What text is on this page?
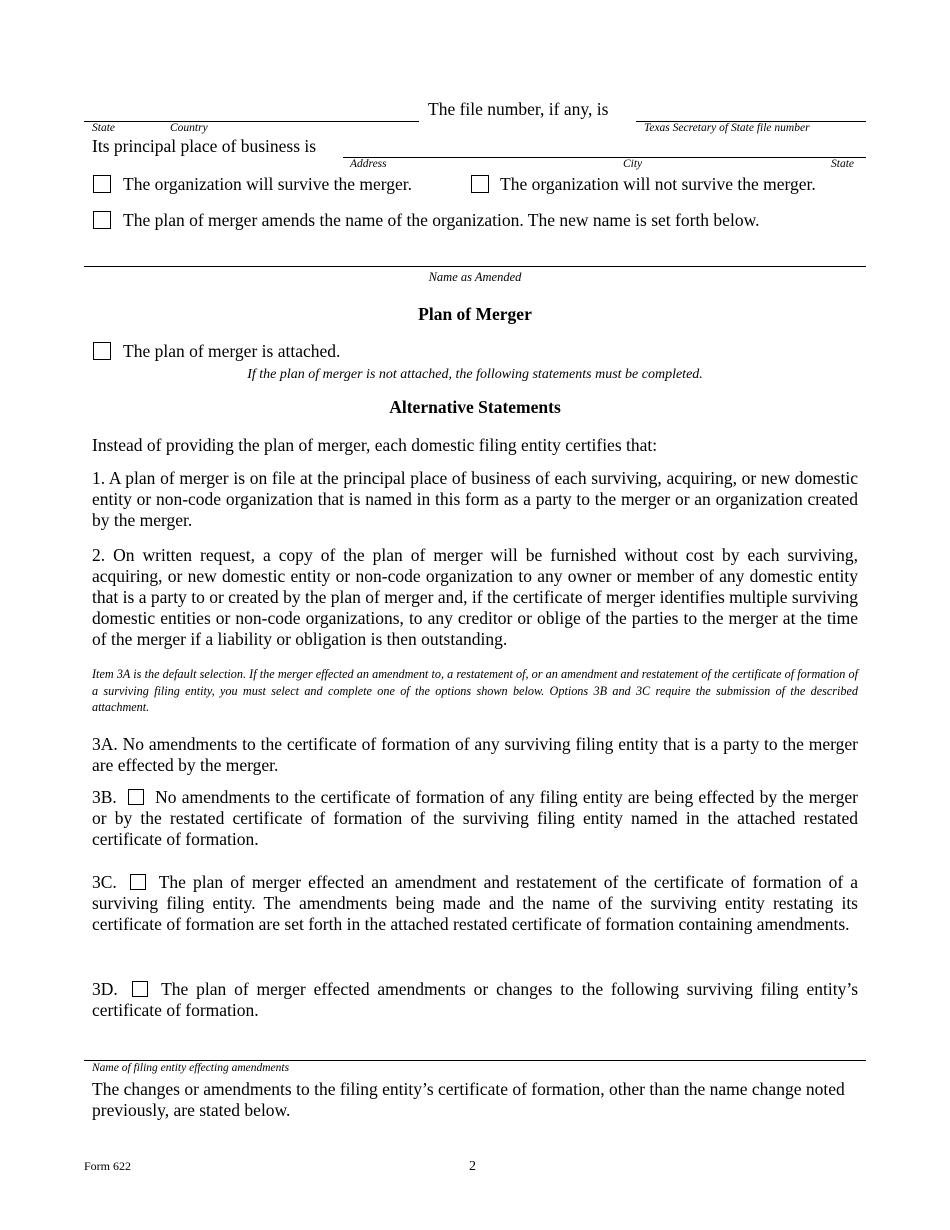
The file number, if any, is
State	Country	Texas Secretary of State file number
Its principal place of business is
Address	City	State
The organization will survive the merger.	The organization will not survive the merger.
The plan of merger amends the name of the organization. The new name is set forth below.
Name as Amended
Plan of Merger
The plan of merger is attached.
If the plan of merger is not attached, the following statements must be completed.
Alternative Statements
Instead of providing the plan of merger, each domestic filing entity certifies that:
1. A plan of merger is on file at the principal place of business of each surviving, acquiring, or new domestic entity or non-code organization that is named in this form as a party to the merger or an organization created by the merger.
2. On written request, a copy of the plan of merger will be furnished without cost by each surviving, acquiring, or new domestic entity or non-code organization to any owner or member of any domestic entity that is a party to or created by the plan of merger and, if the certificate of merger identifies multiple surviving domestic entities or non-code organizations, to any creditor or oblige of the parties to the merger at the time of the merger if a liability or obligation is then outstanding.
Item 3A is the default selection. If the merger effected an amendment to, a restatement of, or an amendment and restatement of the certificate of formation of a surviving filing entity, you must select and complete one of the options shown below. Options 3B and 3C require the submission of the described attachment.
3A. No amendments to the certificate of formation of any surviving filing entity that is a party to the merger are effected by the merger.
3B. No amendments to the certificate of formation of any filing entity are being effected by the merger or by the restated certificate of formation of the surviving filing entity named in the attached restated certificate of formation.
3C. The plan of merger effected an amendment and restatement of the certificate of formation of a surviving filing entity. The amendments being made and the name of the surviving entity restating its certificate of formation are set forth in the attached restated certificate of formation containing amendments.
3D. The plan of merger effected amendments or changes to the following surviving filing entity’s certificate of formation.
Name of filing entity effecting amendments
The changes or amendments to the filing entity’s certificate of formation, other than the name change noted previously, are stated below.
Form 622	2
